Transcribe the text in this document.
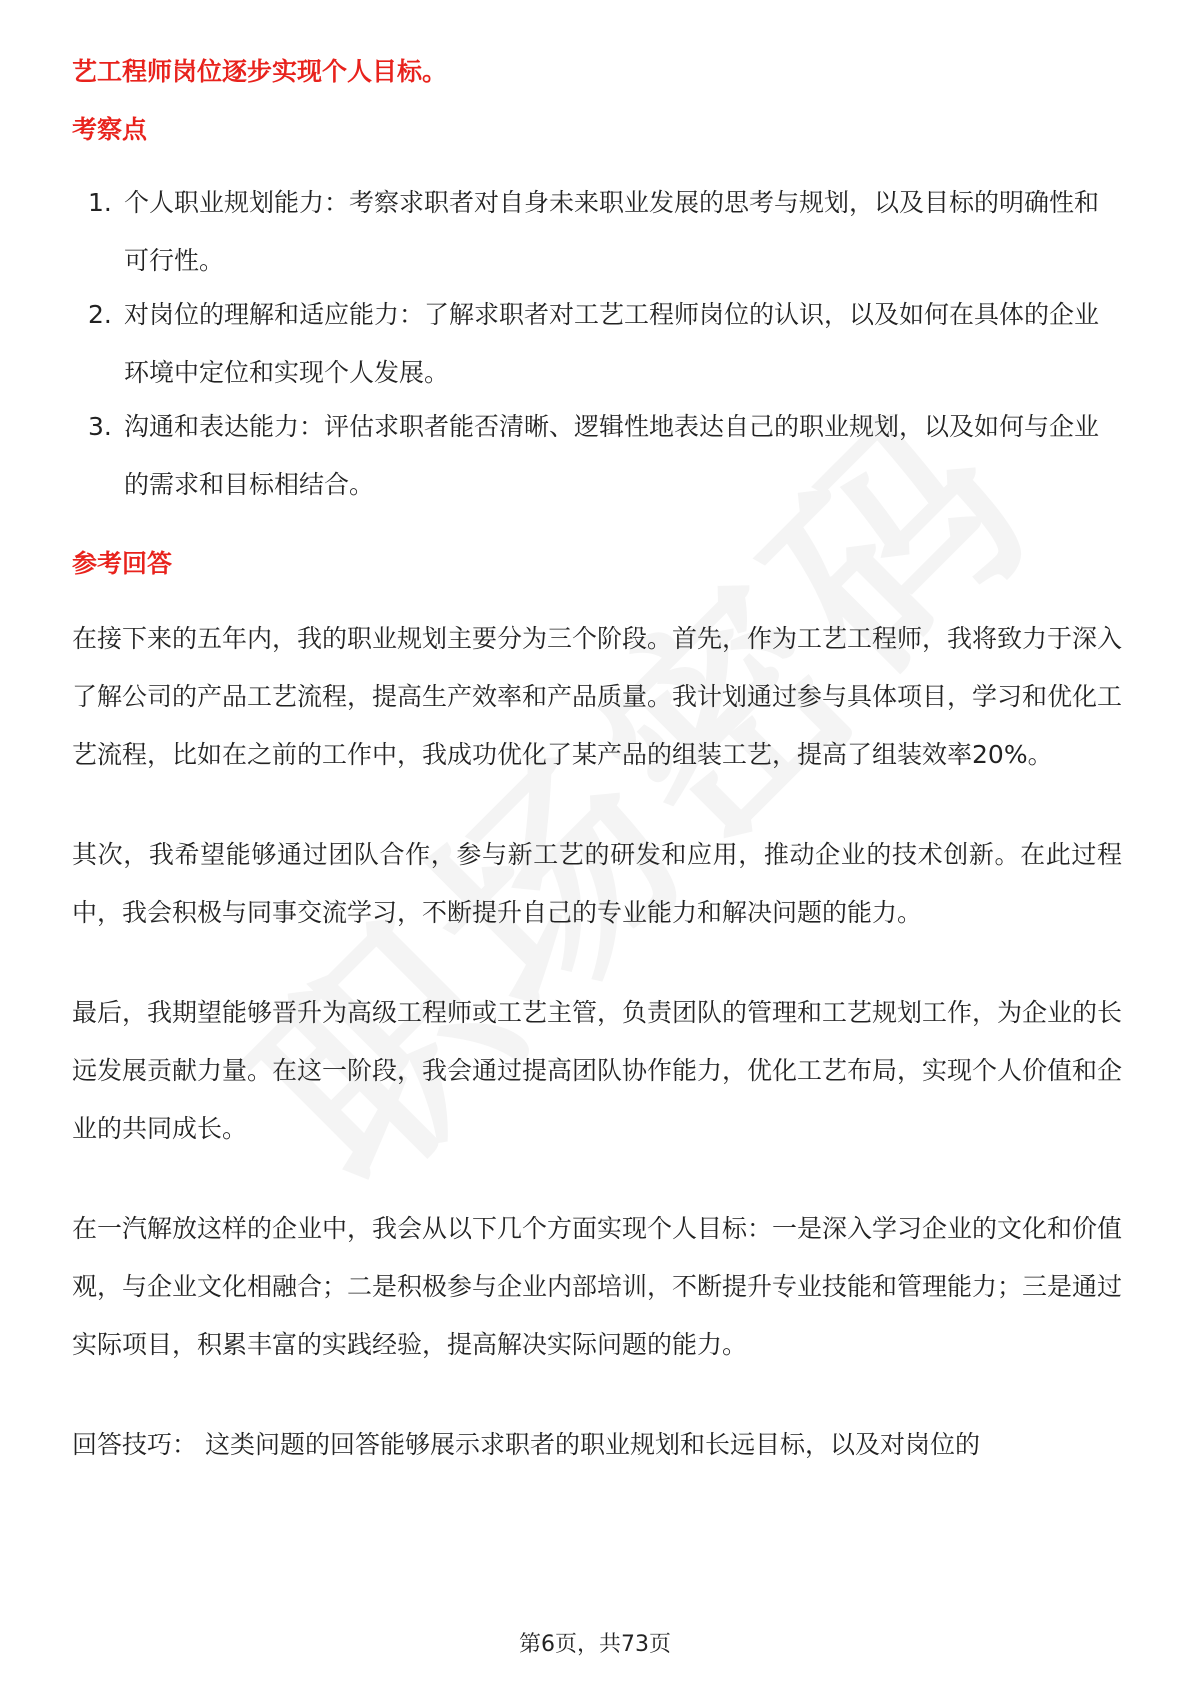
艺工程师岗位逐步实现个人目标。

考察点

1. 个人职业规划能力：考察求职者对自身未来职业发展的思考与规划，以及目标的明确性和可行性。
2. 对岗位的理解和适应能力：了解求职者对工艺工程师岗位的认识，以及如何在具体的企业环境中定位和实现个人发展。
3. 沟通和表达能力：评估求职者能否清晰、逻辑性地表达自己的职业规划，以及如何与企业的需求和目标相结合。

参考回答

在接下来的五年内，我的职业规划主要分为三个阶段。首先，作为工艺工程师，我将致力于深入了解公司的产品工艺流程，提高生产效率和产品质量。我计划通过参与具体项目，学习和优化工艺流程，比如在之前的工作中，我成功优化了某产品的组装工艺，提高了组装效率20%。

其次，我希望能够通过团队合作，参与新工艺的研发和应用，推动企业的技术创新。在此过程中，我会积极与同事交流学习，不断提升自己的专业能力和解决问题的能力。

最后，我期望能够晋升为高级工程师或工艺主管，负责团队的管理和工艺规划工作，为企业的长远发展贡献力量。在这一阶段，我会通过提高团队协作能力，优化工艺布局，实现个人价值和企业的共同成长。

在一汽解放这样的企业中，我会从以下几个方面实现个人目标：一是深入学习企业的文化和价值观，与企业文化相融合；二是积极参与企业内部培训，不断提升专业技能和管理能力；三是通过实际项目，积累丰富的实践经验，提高解决实际问题的能力。

回答技巧： 这类问题的回答能够展示求职者的职业规划和长远目标，以及对岗位的

第6页，共73页
